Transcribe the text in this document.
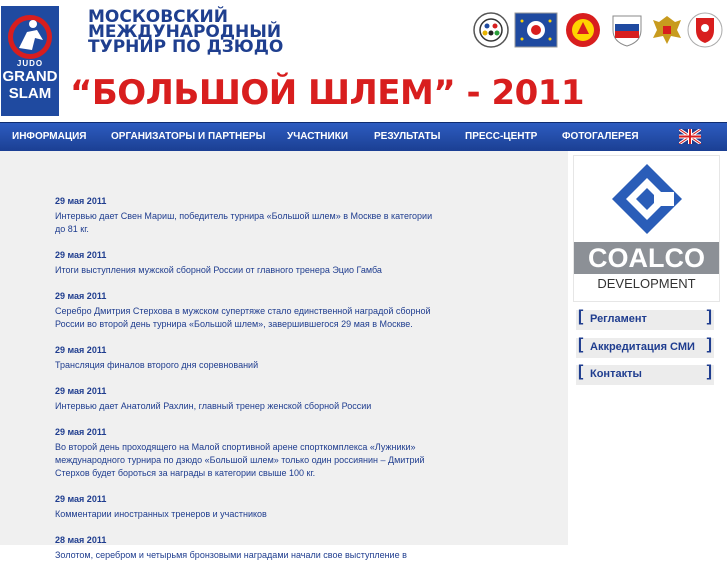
JUDO
GRAND
SLAM
МОСКОВСКИЙ
МЕЖДУНАРОДНЫЙ
ТУРНИР ПО ДЗЮДО
“БОЛЬШОЙ ШЛЕМ” - 2011
ИНФОРМАЦИЯ ОРГАНИЗАТОРЫ И ПАРТНЕРЫ УЧАСТНИКИ	РЕЗУЛЬТАТЫ ПРЕСС-ЦЕНТР ФОТОГАЛЕРЕЯ
29 мая 2011
Интервью дает Свен Мариш, победитель турнира «Большой шлем» в Москве в категории до 81 кг.
29 мая 2011
Итоги выступления мужской сборной России от главного тренера Эцио Гамба
29 мая 2011
Серебро Дмитрия Стерхова в мужском супертяже стало единственной наградой сборной России во второй день турнира «Большой шлем», завершившегося 29 мая в Москве.
29 мая 2011
Трансляция финалов второго дня соревнований
29 мая 2011
Интервью дает Анатолий Рахлин, главный тренер женской сборной России
29 мая 2011
Во второй день проходящего на Малой спортивной арене спорткомплекса «Лужники» международного турнира по дзюдо «Большой шлем» только один россиянин – Дмитрий Стерхов будет бороться за награды в категории свыше 100 кг.
29 мая 2011
Комментарии иностранных тренеров и участников
28 мая 2011
Золотом, серебром и четырьмя бронзовыми наградами начали свое выступление в
COALCO
DEVELOPMENT
[ Регламент	]
[ Аккредитация СМИ ]
[ Контакты	]
